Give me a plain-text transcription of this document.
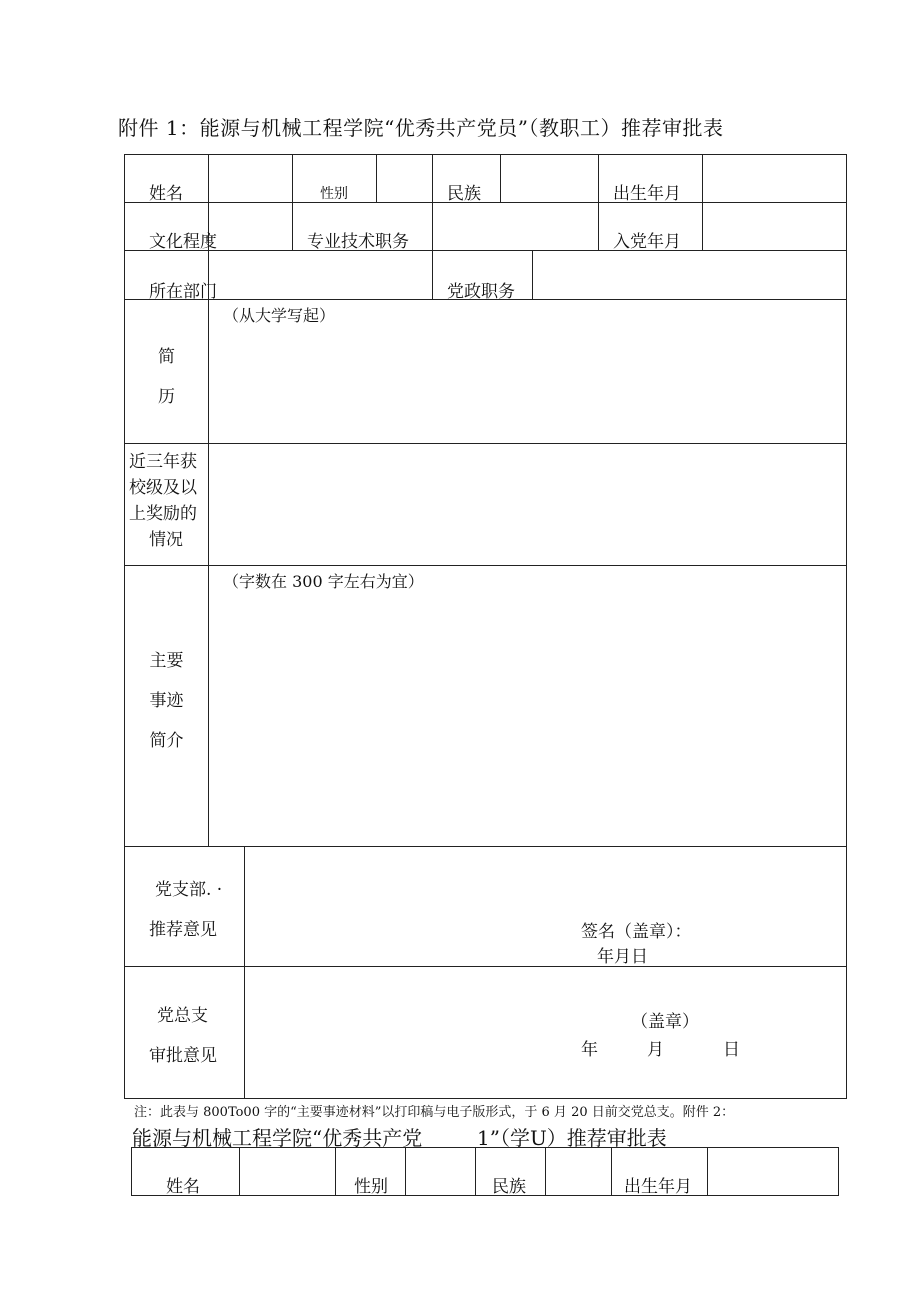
附件 1：能源与机械工程学院“优秀共产党员”（教职工）推荐审批表
姓名			性别		民族			出生年月	

文化程度			专业技术职务					入党年月	

所在部门					党政职务				

简
历	（从大学写起）								

近三年获
校级及以
上奖励的
情况									

主要
事迹
简介	（字数在 300 字左右为宜）								

党支部. ·
推荐意见		签名（盖章）：
年月日							

党总支
审批意见		（盖章）
年 月 日							
注：此表与 800To00 字的“主要事迹材料”以打印稿与电子版形式，于 6 月 20 日前交党总支。附件 2：
能源与机械工程学院“优秀共产党	1”（学U）推荐审批表
姓名		性别		民族		出生年月
